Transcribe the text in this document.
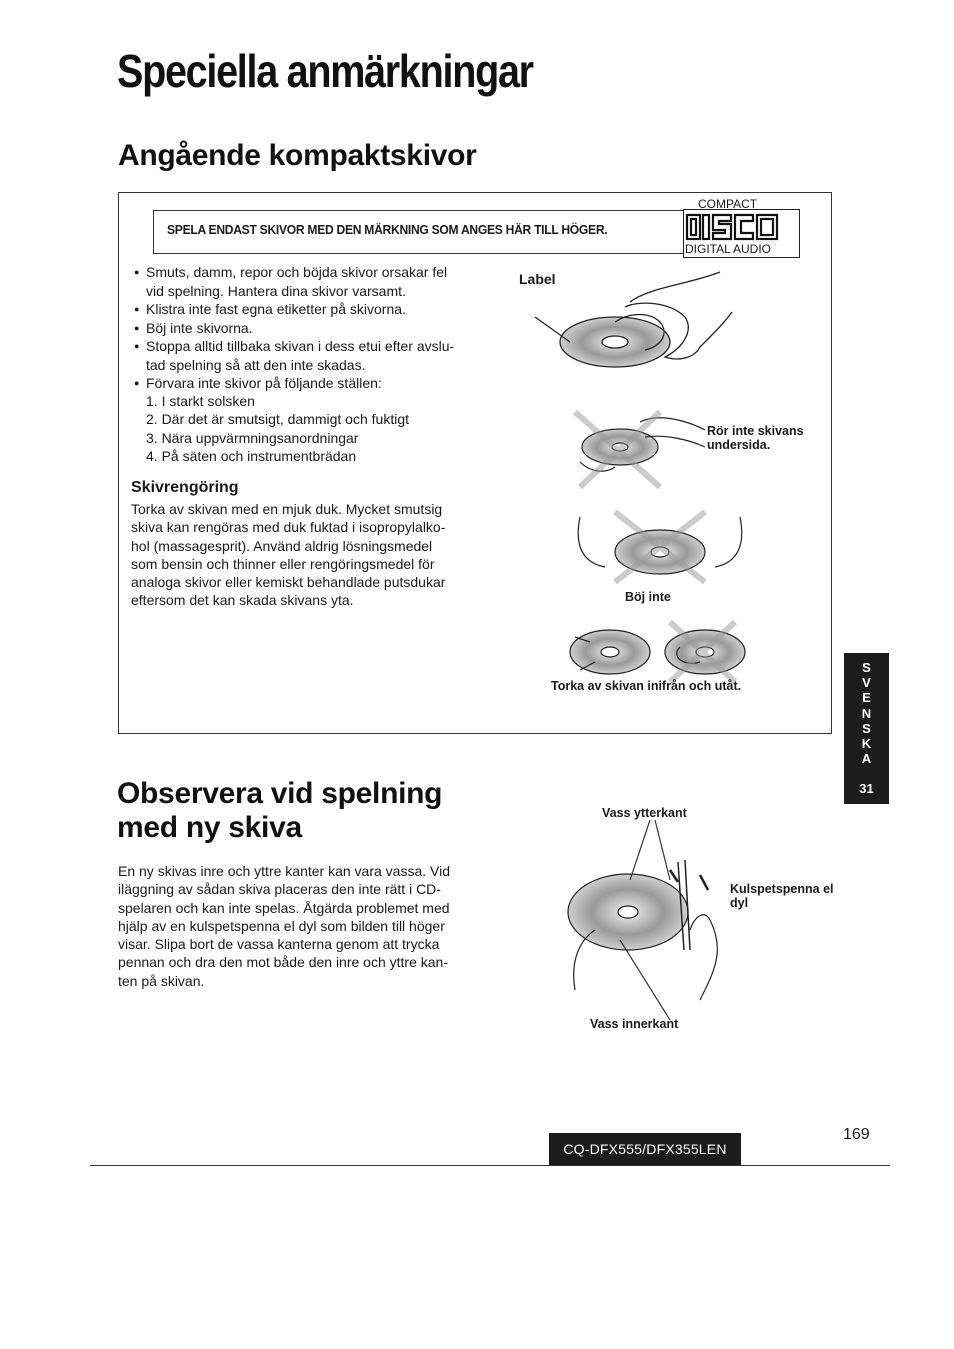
Speciella anmärkningar
Angående kompaktskivor
SPELA ENDAST SKIVOR MED DEN MÄRKNING SOM ANGES HÄR TILL HÖGER.
COMPACT
DIGITAL AUDIO
● Smuts, damm, repor och böjda skivor orsakar fel
vid spelning. Hantera dina skivor varsamt.
● Klistra inte fast egna etiketter på skivorna.
● Böj inte skivorna.
● Stoppa alltid tillbaka skivan i dess etui efter avslu-
tad spelning så att den inte skadas.
● Förvara inte skivor på följande ställen:
1. I starkt solsken
2. Där det är smutsigt, dammigt och fuktigt
3. Nära uppvärmningsanordningar
4. På säten och instrumentbrädan
Skivrengöring
Torka av skivan med en mjuk duk. Mycket smutsig
skiva kan rengöras med duk fuktad i isopropylalko-
hol (massagesprit). Använd aldrig lösningsmedel
som bensin och thinner eller rengöringsmedel för
analoga skivor eller kemiskt behandlade putsdukar
eftersom det kan skada skivans yta.
Label
Rör inte skivans
undersida.
Böj inte
Torka av skivan inifrån och utåt.
Observera vid spelning
med ny skiva
En ny skivas inre och yttre kanter kan vara vassa. Vid
iläggning av sådan skiva placeras den inte rätt i CD-
spelaren och kan inte spelas. Åtgärda problemet med
hjälp av en kulspetspenna el dyl som bilden till höger
visar. Slipa bort de vassa kanterna genom att trycka
pennan och dra den mot både den inre och yttre kan-
ten på skivan.
Vass ytterkant
Kulspetspenna el
dyl
Vass innerkant
S
V
E
N
S
K
A
31
CQ-DFX555/DFX355LEN
169
